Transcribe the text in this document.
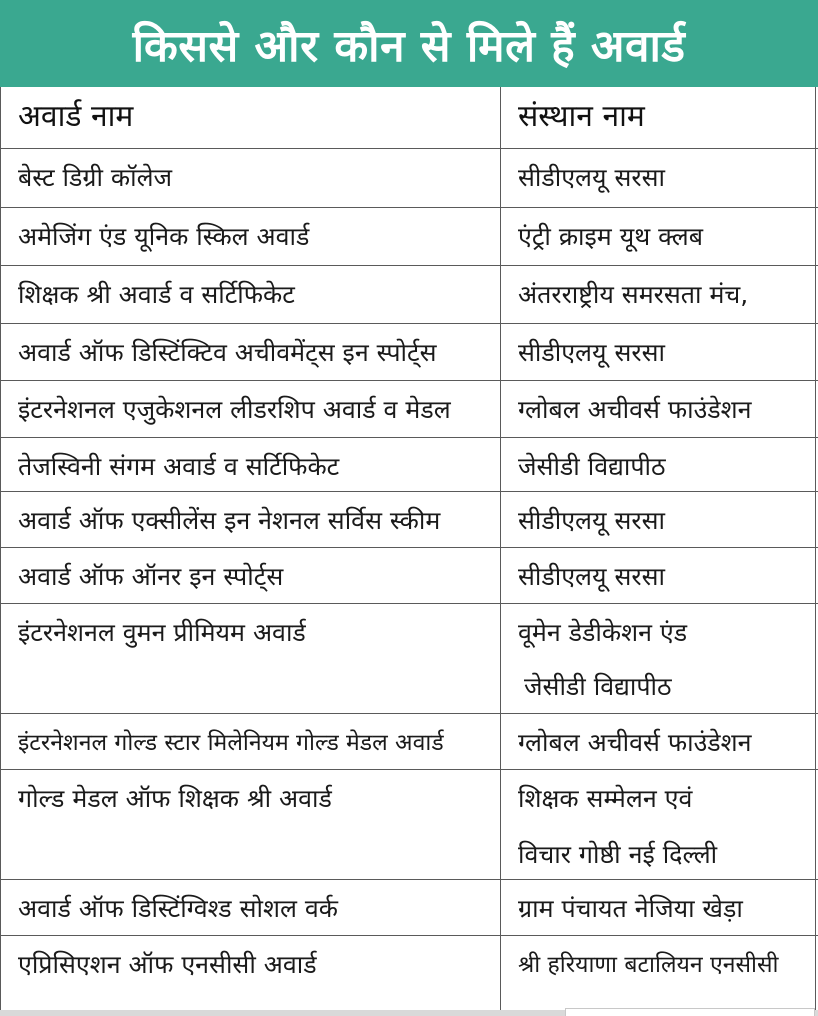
किससे और कौन से मिले हैं अवार्ड
अवार्ड नाम	संस्थान नाम
बेस्ट डिग्री कॉलेज	सीडीएलयू सरसा
अमेजिंग एंड यूनिक स्किल अवार्ड	एंट्री क्राइम यूथ क्लब
शिक्षक श्री अवार्ड व सर्टिफिकेट	अंतरराष्ट्रीय समरसता मंच,
अवार्ड ऑफ डिस्टिंक्टिव अचीवमेंट्स इन स्पोर्ट्स	सीडीएलयू सरसा
इंटरनेशनल एजुकेशनल लीडरशिप अवार्ड व मेडल	ग्लोबल अचीवर्स फाउंडेशन
तेजस्विनी संगम अवार्ड व सर्टिफिकेट	जेसीडी विद्यापीठ
अवार्ड ऑफ एक्सीलेंस इन नेशनल सर्विस स्कीम	सीडीएलयू सरसा
अवार्ड ऑफ ऑनर इन स्पोर्ट्स	सीडीएलयू सरसा
इंटरनेशनल वुमन प्रीमियम अवार्ड	वूमेन डेडीकेशन एंड
जेसीडी विद्यापीठ
इंटरनेशनल गोल्ड स्टार मिलेनियम गोल्ड मेडल अवार्ड	ग्लोबल अचीवर्स फाउंडेशन
गोल्ड मेडल ऑफ शिक्षक श्री अवार्ड	शिक्षक सम्मेलन एवं
विचार गोष्ठी नई दिल्ली
अवार्ड ऑफ डिस्टिंग्विश्ड सोशल वर्क	ग्राम पंचायत नेजिया खेड़ा
एप्रिसिएशन ऑफ एनसीसी अवार्ड	श्री हरियाणा बटालियन एनसीसी
